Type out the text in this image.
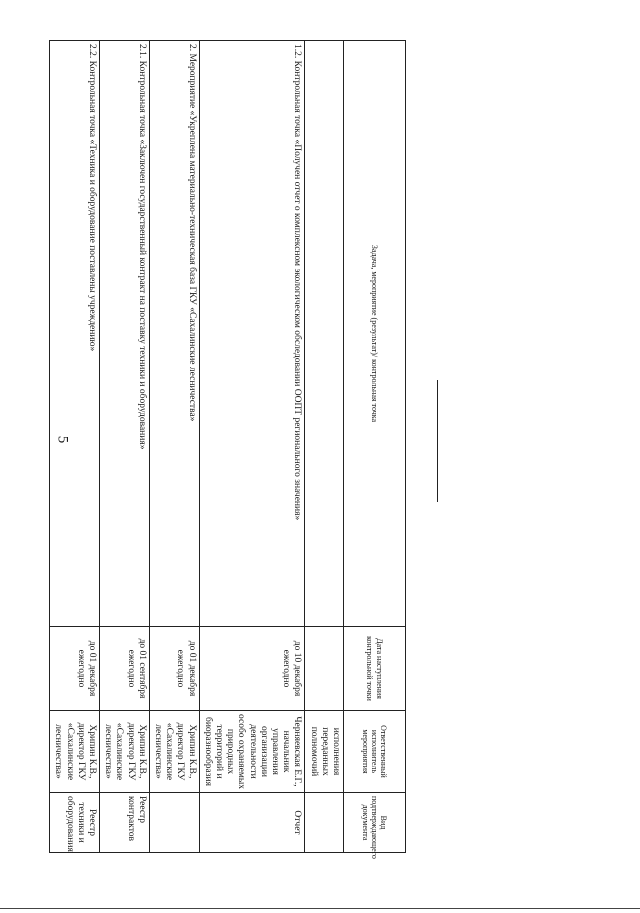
5
Задача, мероприятие (результат)/ контрольная точка	Дата наступления контрольной точки	Ответственный исполнитель мероприятия	Вид подтверждающего документа
		исполнения переданных полномочий	
1.2. Контрольная точка «Получен отчет о комплексном экологическом обследовании ООПТ регионального значения»	до 10 декабря ежегодно	Черняевская Е.Г., начальник управления организации деятельности особо охраняемых природных территорий и биоразнообразия	Отчет
2. Мероприятие «Укреплена материально-техническая база ГКУ «Сахалинские лесничества»	до 01 декабря ежегодно	Хрипин К.В., директор ГКУ «Сахалинские лесничества»	
2.1. Контрольная точка «Заключен государственный контракт на поставку техники и оборудования»	до 01 сентября ежегодно	Хрипин К.В., директор ГКУ «Сахалинские лесничества»	Реестр контрактов
2.2. Контрольная точка «Техника и оборудование поставлены учреждению»	до 01 декабря ежегодно	Хрипин К.В., директор ГКУ «Сахалинские лесничества»	Реестр техники и оборудования
